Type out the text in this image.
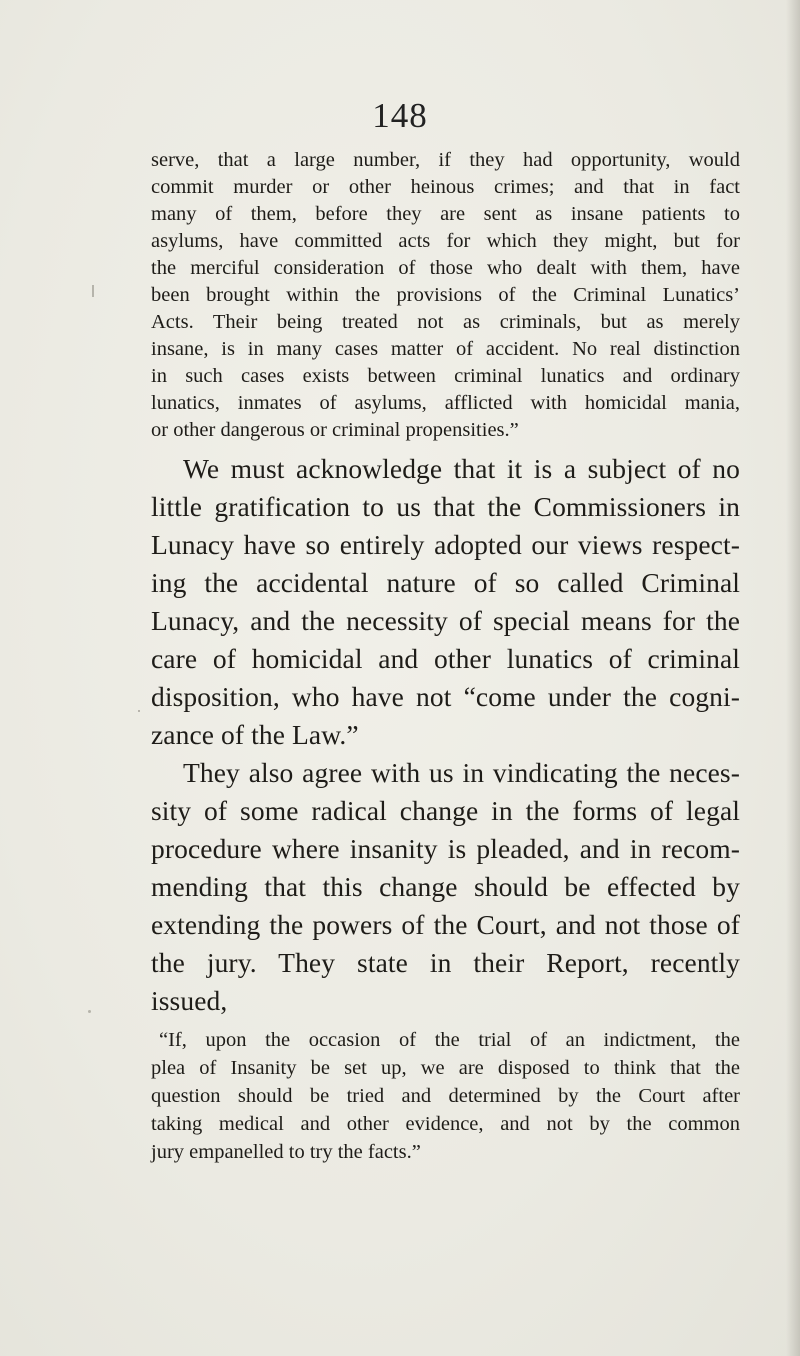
148
serve, that a large number, if they had opportunity, would
commit murder or other heinous crimes; and that in fact
many of them, before they are sent as insane patients to
asylums, have committed acts for which they might, but for
the merciful consideration of those who dealt with them, have
been brought within the provisions of the Criminal Lunatics’
Acts. Their being treated not as criminals, but as merely
insane, is in many cases matter of accident. No real distinction
in such cases exists between criminal lunatics and ordinary
lunatics, inmates of asylums, afflicted with homicidal mania,
or other dangerous or criminal propensities.”
We must acknowledge that it is a subject of no
little gratification to us that the Commissioners in
Lunacy have so entirely adopted our views respect-
ing the accidental nature of so called Criminal
Lunacy, and the necessity of special means for the
care of homicidal and other lunatics of criminal
disposition, who have not “come under the cogni-
zance of the Law.”
They also agree with us in vindicating the neces-
sity of some radical change in the forms of legal
procedure where insanity is pleaded, and in recom-
mending that this change should be effected by
extending the powers of the Court, and not those of
the jury. They state in their Report, recently
issued,
“If, upon the occasion of the trial of an indictment, the
plea of Insanity be set up, we are disposed to think that the
question should be tried and determined by the Court after
taking medical and other evidence, and not by the common
jury empanelled to try the facts.”
